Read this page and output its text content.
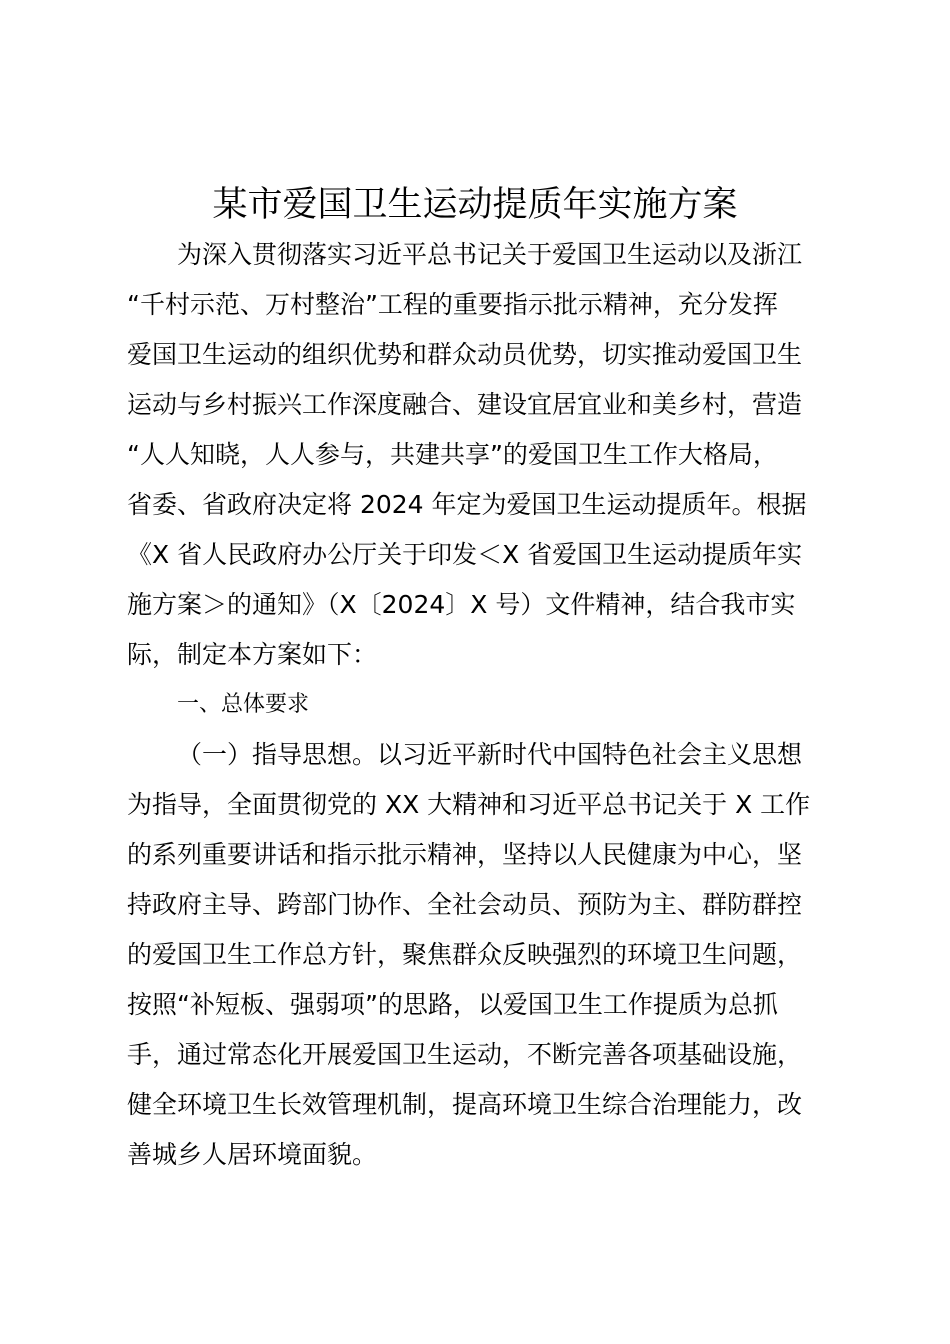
某市爱国卫生运动提质年实施方案
为深入贯彻落实习近平总书记关于爱国卫生运动以及浙江
“千村示范、万村整治”工程的重要指示批示精神，充分发挥
爱国卫生运动的组织优势和群众动员优势，切实推动爱国卫生
运动与乡村振兴工作深度融合、建设宜居宜业和美乡村，营造
“人人知晓，人人参与，共建共享”的爱国卫生工作大格局，
省委、省政府决定将 2024 年定为爱国卫生运动提质年。根据
《X 省人民政府办公厅关于印发＜X 省爱国卫生运动提质年实
施方案＞的通知》（X〔2024〕X 号）文件精神，结合我市实
际，制定本方案如下：
一、总体要求
（一）指导思想。以习近平新时代中国特色社会主义思想
为指导，全面贯彻党的 XX 大精神和习近平总书记关于 X 工作
的系列重要讲话和指示批示精神，坚持以人民健康为中心，坚
持政府主导、跨部门协作、全社会动员、预防为主、群防群控
的爱国卫生工作总方针，聚焦群众反映强烈的环境卫生问题，
按照“补短板、强弱项”的思路，以爱国卫生工作提质为总抓
手，通过常态化开展爱国卫生运动，不断完善各项基础设施，
健全环境卫生长效管理机制，提高环境卫生综合治理能力，改
善城乡人居环境面貌。
